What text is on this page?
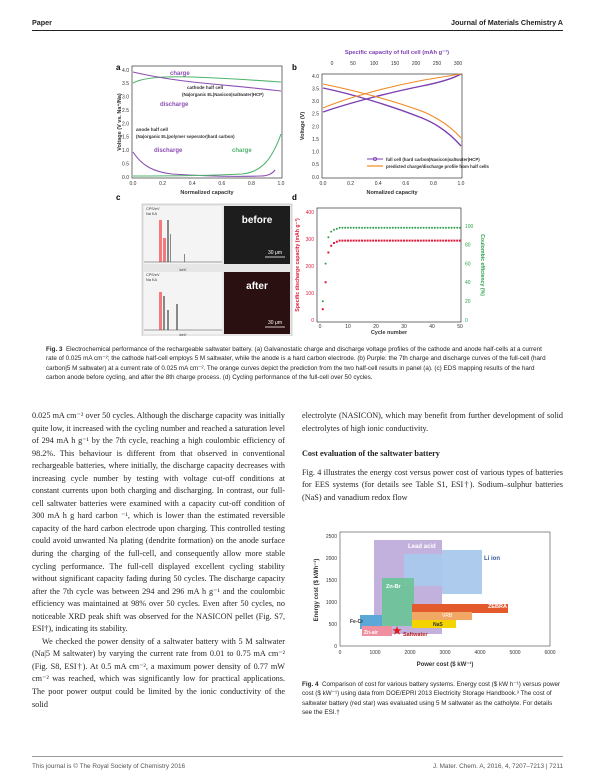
Paper	Journal of Materials Chemistry A
a 4.0
3.5
3.0
2.5
2.0
1.5
1.0
0.5
0.0
0.0	0.2	0.4	0.6	0.8	1.0
Normalized capacity
Voltage (V vs. Na⁺/Na)
charge
discharge
cathode half cell
(Na|organic EL|Nasicon|saltwater|HCP)
anode half cell
(Na|organic EL|polymer seperator|hard carbon)
discharge	charge
b
Specific capacity of full cell (mAh g⁻¹)
0	50	100	150	200	250	300
4.0
3.5
3.0
2.5
2.0
1.5
1.0
0.5
0.0
0.0	0.2	0.4	0.6	0.8	1.0
Nomalized capacity
Voltage (V)
full cell (hard carbon|Nasicon|saltwater|HCP)
predicted charge/discharge profile from half cells
c
CPS/eV
Na KA
keV
before
30 μm
CPS/eV
Na KA
keV
after
30 μm
d
400
300
200
100
0
100
80
60
40
20
0
0	10	20	30	40	50
Cycle number
Specific discharge capacity (mAh g⁻¹)	Coulombic efficiency (%)
Fig. 3 Electrochemical performance of the rechargeable saltwater battery. (a) Galvanostatic charge and discharge voltage profiles of the cathode and anode half-cells at a current rate of 0.025 mA cm⁻²; the cathode half-cell employs 5 M saltwater, while the anode is a hard carbon electrode. (b) Purple: the 7th charge and discharge curves of the full-cell (hard carbon|5 M saltwater) at a current rate of 0.025 mA cm⁻². The orange curves depict the prediction from the two half-cell results in panel (a). (c) EDS mapping results of the hard carbon anode before cycling, and after the 8th charge process. (d) Cycling performance of the full-cell over 50 cycles.

0.025 mA cm⁻² over 50 cycles. Although the discharge capacity was initially quite low, it increased with the cycling number and reached a saturation level of 294 mA h g⁻¹ by the 7th cycle, reaching a high coulombic efficiency of 98.2%. This behaviour is different from that observed in conventional rechargeable batteries, where initially, the discharge capacity decreases with increasing cycle number by testing with voltage cut-off conditions at constant currents upon both charging and discharging. In contrast, our full-cell saltwater batteries were examined with a capacity cut-off condition of 300 mA h g hard carbon ⁻¹, which is lower than the estimated reversible capacity of the hard carbon electrode upon charging. This controlled testing could avoid unwanted Na plating (dendrite formation) on the anode surface during the charging of the full-cell, and consequently allow more stable cycling performance. The full-cell displayed excellent cycling stability without significant capacity fading during 50 cycles. The discharge capacity after the 7th cycle was between 294 and 296 mA h g⁻¹ and the coulombic efficiency was maintained at 98% over 50 cycles. Even after 50 cycles, no noticeable XRD peak shift was observed for the NASICON pellet (Fig. S7, ESI†), indicating its stability.

We checked the power density of a saltwater battery with 5 M saltwater (Na|5 M saltwater) by varying the current rate from 0.01 to 0.75 mA cm⁻² (Fig. S8, ESI†). At 0.5 mA cm⁻², a maximum power density of 0.77 mW cm⁻² was reached, which was significantly low for practical applications. The poor power output could be limited by the ionic conductivity of the solid

electrolyte (NASICON), which may benefit from further development of solid electrolytes of high ionic conductivity.

Cost evaluation of the saltwater battery

Fig. 4 illustrates the energy cost versus power cost of various types of batteries for EES systems (for details see Table S1, ESI†). Sodium–sulphur batteries (NaS) and vanadium redox flow

2500
2000
1500
1000
500
0
0	1000	2000	3000	4000	5000	6000
Power cost ($ kW⁻¹)
Energy cost ($ kWh⁻¹)
Lead acid
Li ion
Zn-Br
ZEBRA
VRB
Fe-Cr
Zn-air
NaS
Saltwater
Fig. 4 Comparison of cost for various battery systems. Energy cost ($ kW h⁻¹) versus power cost ($ kW⁻¹) using data from DOE/EPRI 2013 Electricity Storage Handbook.³ The cost of saltwater battery (red star) was evaluated using 5 M saltwater as the catholyte. For details see the ESI.†
This journal is © The Royal Society of Chemistry 2016	J. Mater. Chem. A, 2016, 4, 7207–7213 | 7211
